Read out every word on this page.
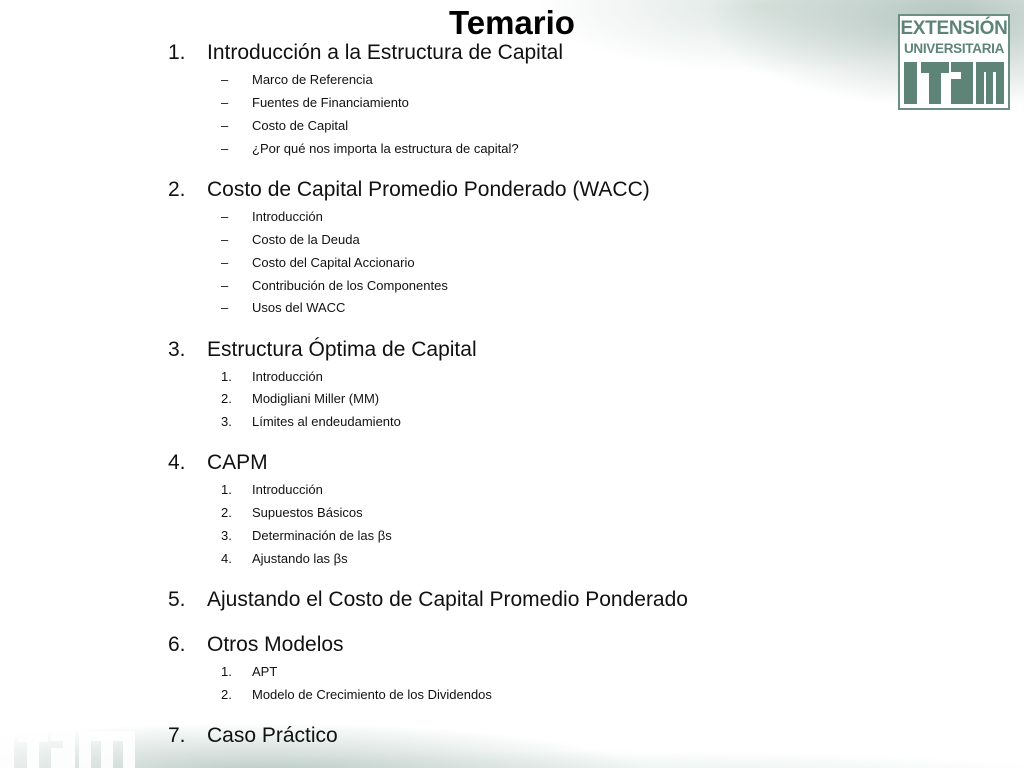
Temario	EXTENSIÓN
UNIVERSITARIA
1. Introducción a la Estructura de Capital
– Marco de Referencia
– Fuentes de Financiamiento
– Costo de Capital
– ¿Por qué nos importa la estructura de capital?
2. Costo de Capital Promedio Ponderado (WACC)
– Introducción
– Costo de la Deuda
– Costo del Capital Accionario
– Contribución de los Componentes
– Usos del WACC
3. Estructura Óptima de Capital
1. Introducción
2. Modigliani Miller (MM)
3. Límites al endeudamiento
4. CAPM
1. Introducción
2. Supuestos Básicos
3. Determinación de las βs
4. Ajustando las βs
5. Ajustando el Costo de Capital Promedio Ponderado
6. Otros Modelos
1. APT
2. Modelo de Crecimiento de los Dividendos
7. Caso Práctico
